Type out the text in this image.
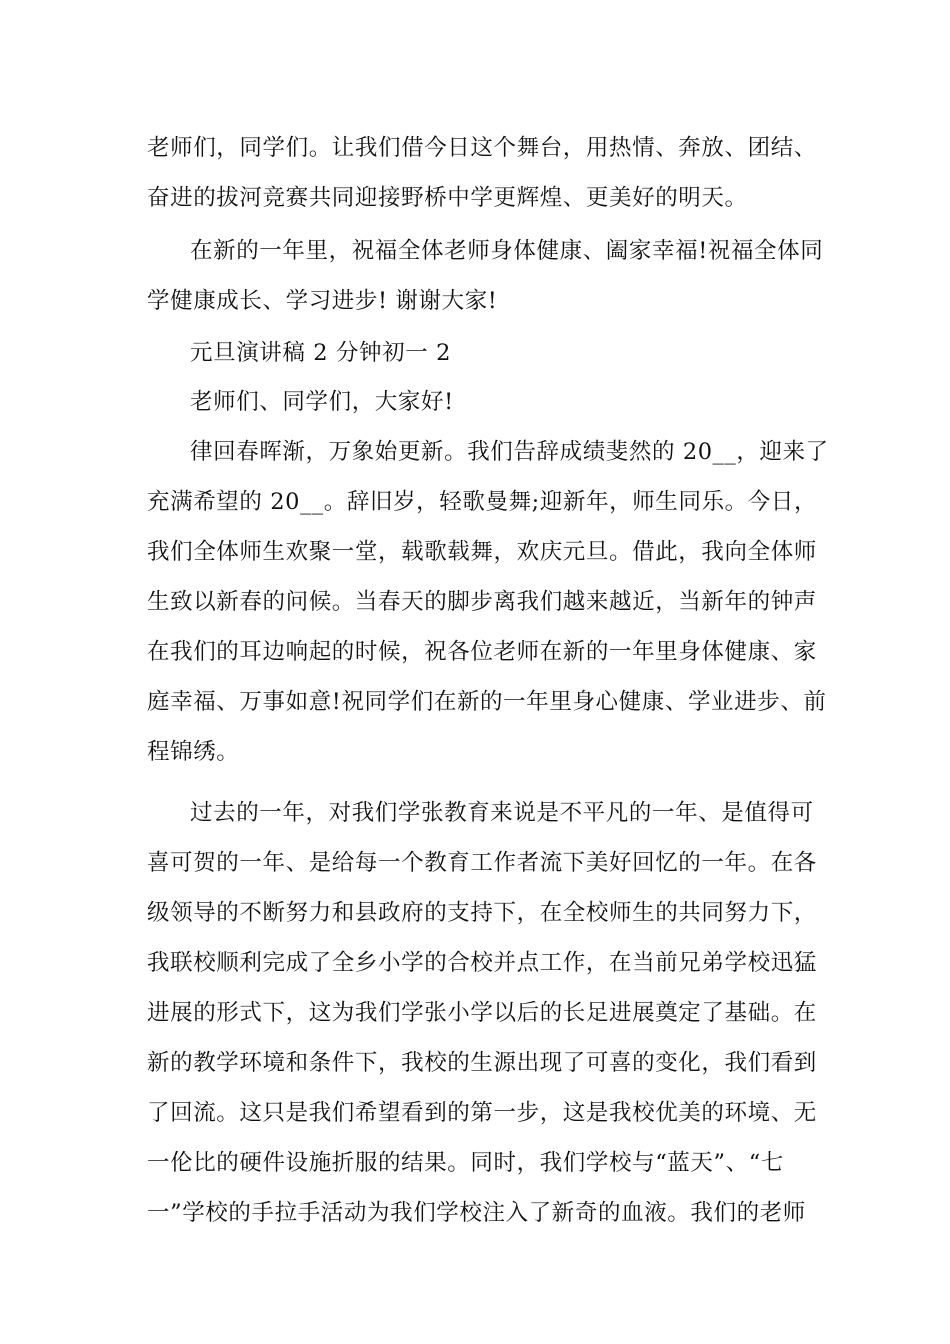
老师们，同学们。让我们借今日这个舞台，用热情、奔放、团结、
奋进的拔河竞赛共同迎接野桥中学更辉煌、更美好的明天。
在新的一年里，祝福全体老师身体健康、阖家幸福!祝福全体同
学健康成长、学习进步! 谢谢大家!
元旦演讲稿 2 分钟初一 2
老师们、同学们，大家好!
律回春晖渐，万象始更新。我们告辞成绩斐然的 20__，迎来了
充满希望的 20__。辞旧岁，轻歌曼舞;迎新年，师生同乐。今日，
我们全体师生欢聚一堂，载歌载舞，欢庆元旦。借此，我向全体师
生致以新春的问候。当春天的脚步离我们越来越近，当新年的钟声
在我们的耳边响起的时候，祝各位老师在新的一年里身体健康、家
庭幸福、万事如意!祝同学们在新的一年里身心健康、学业进步、前
程锦绣。
过去的一年，对我们学张教育来说是不平凡的一年、是值得可
喜可贺的一年、是给每一个教育工作者流下美好回忆的一年。在各
级领导的不断努力和县政府的支持下，在全校师生的共同努力下，
我联校顺利完成了全乡小学的合校并点工作，在当前兄弟学校迅猛
进展的形式下，这为我们学张小学以后的长足进展奠定了基础。在
新的教学环境和条件下，我校的生源出现了可喜的变化，我们看到
了回流。这只是我们希望看到的第一步，这是我校优美的环境、无
一伦比的硬件设施折服的结果。同时，我们学校与“蓝天”、“七
一”学校的手拉手活动为我们学校注入了新奇的血液。我们的老师
